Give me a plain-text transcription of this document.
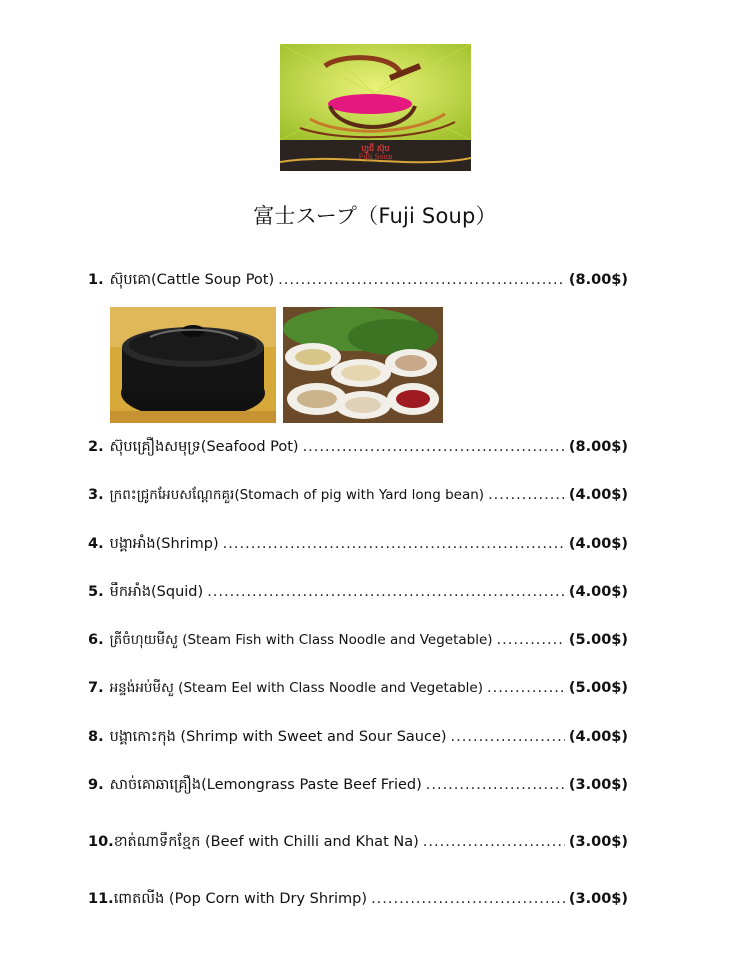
ហ្វូជី ស៊ុប
Fuji Soup
富士スープ（Fuji Soup）
1. ស៊ុបគោ(Cattle Soup Pot) .....	(8.00$)
2. ស៊ុបគ្រឿងសមុទ្រ(Seafood Pot) .....	(8.00$)
3. ក្រពះជ្រូកអែបសណ្តែកគួរ(Stomach of pig with Yard long bean) .....	(4.00$)
4. បង្គាអាំង(Shrimp) .....	(4.00$)
5. មឹកអាំង(Squid) .....	(4.00$)
6. ត្រីចំហុយមីសួ (Steam Fish with Class Noodle and Vegetable) .....	(5.00$)
7. អន្ទង់អប់មីសួ (Steam Eel with Class Noodle and Vegetable) .....	(5.00$)
8. បង្គាកោះកុង (Shrimp with Sweet and Sour Sauce) .....	(4.00$)
9. សាច់គោឆាគ្រឿង(Lemongrass Paste Beef Fried) .....	(3.00$)
10. ខាត់ណាទឹកខ្មែក (Beef with Chilli and Khat Na) .....	(3.00$)
11. ពោតលីង (Pop Corn with Dry Shrimp) .....	(3.00$)
